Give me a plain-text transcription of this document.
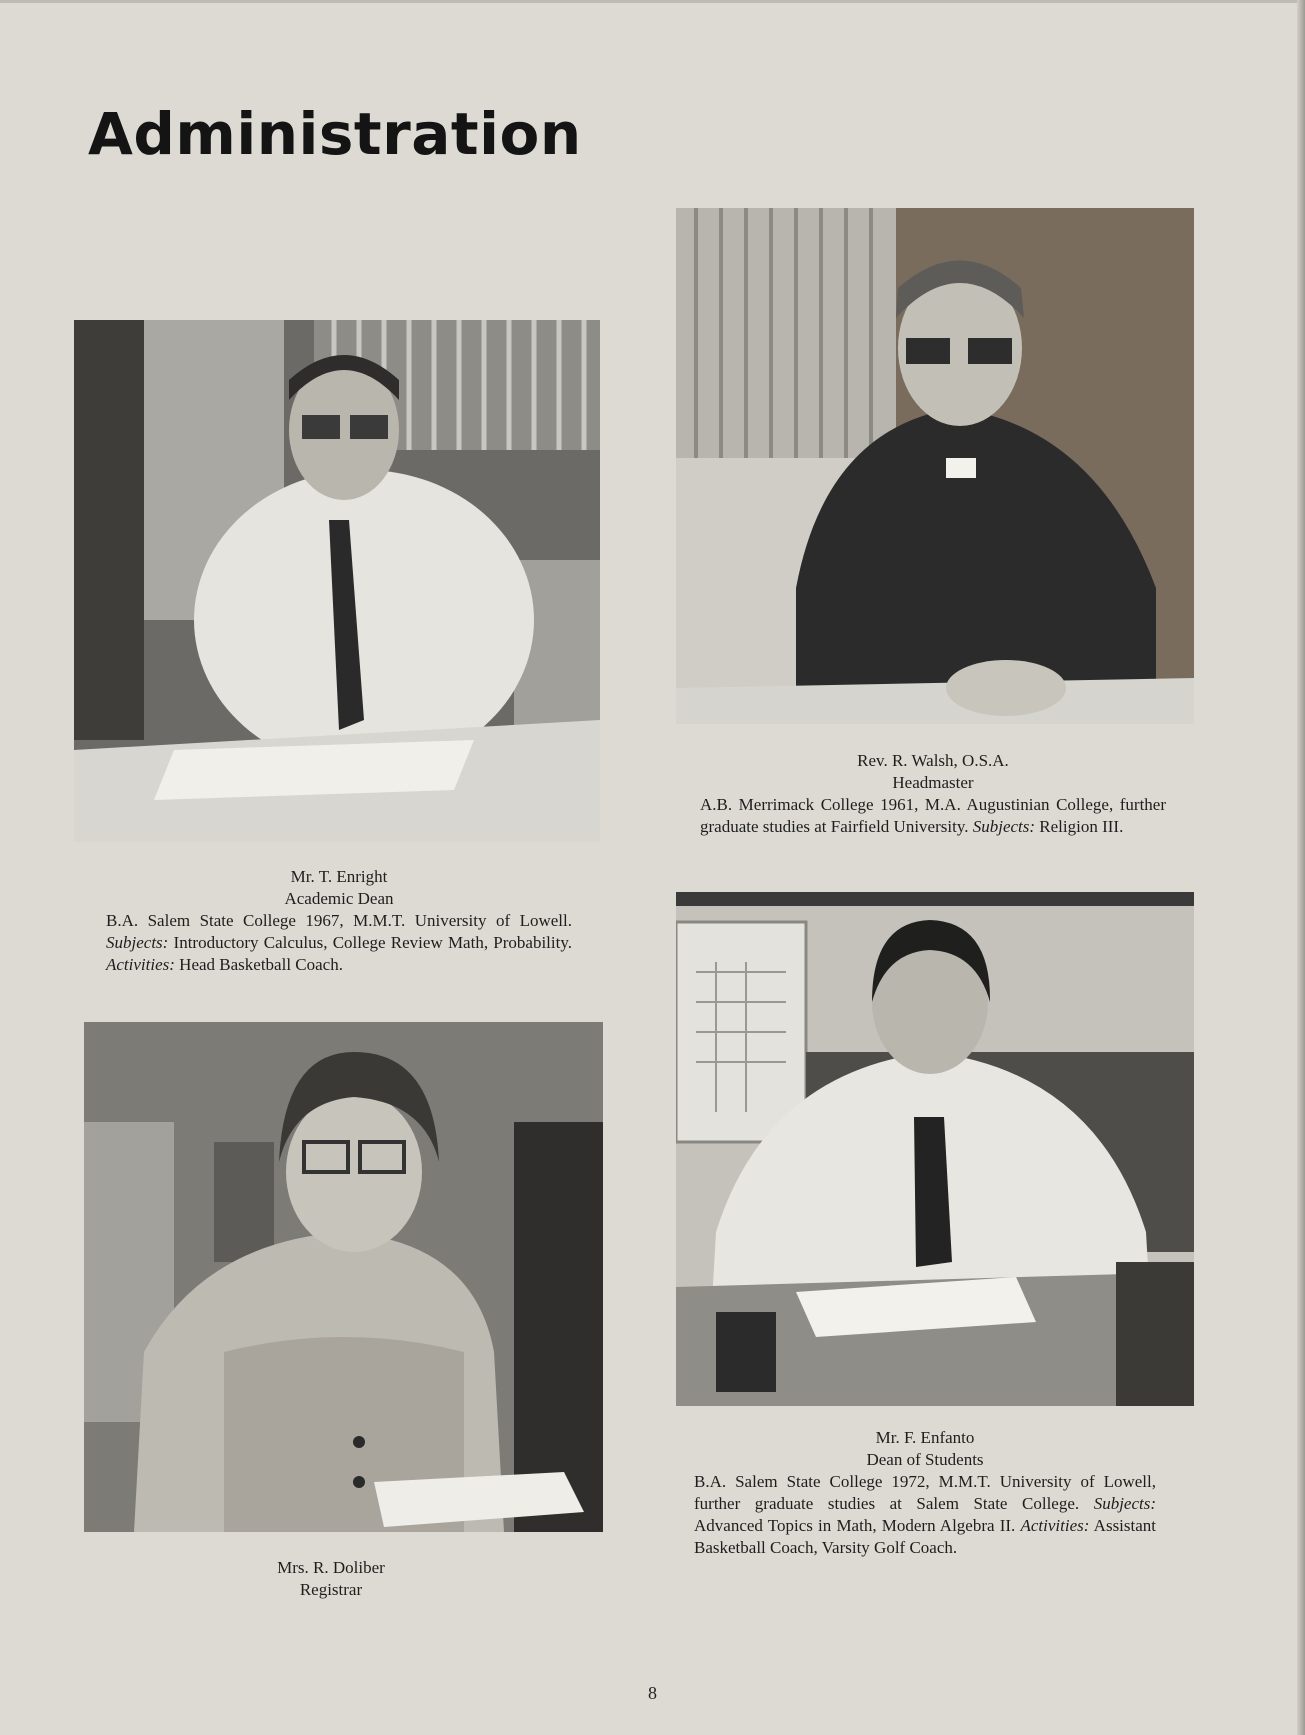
Administration
Mr. T. Enright
Academic Dean
B.A. Salem State College 1967, M.M.T. University of Lowell. Subjects: Introductory Calculus, College Review Math, Probability. Activities: Head Basketball Coach.
Rev. R. Walsh, O.S.A.
Headmaster
A.B. Merrimack College 1961, M.A. Augustinian College, further graduate studies at Fairfield University. Subjects: Religion III.
Mrs. R. Doliber
Registrar
Mr. F. Enfanto
Dean of Students
B.A. Salem State College 1972, M.M.T. University of Lowell, further graduate studies at Salem State College. Subjects: Advanced Topics in Math, Modern Algebra II. Activities: Assistant Basketball Coach, Varsity Golf Coach.
8
